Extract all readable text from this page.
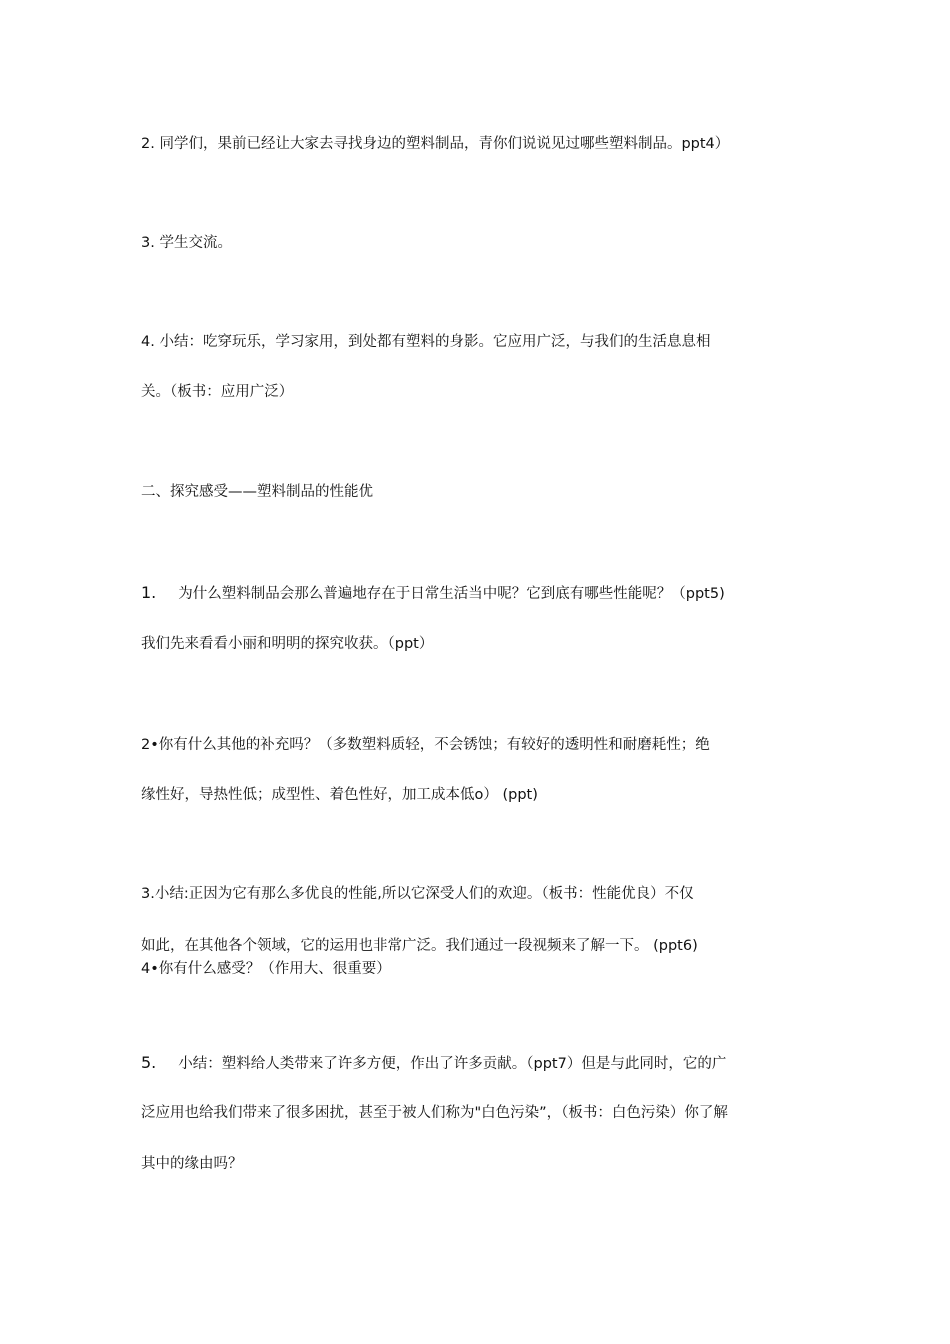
2. 同学们，果前已经让大家去寻找身边的塑料制品，青你们说说见过哪些塑料制品。ppt4）
3. 学生交流。
4. 小结：吃穿玩乐，学习家用，到处都有塑料的身影。它应用广泛，与我们的生活息息相
关。（板书：应用广泛）
二、探究感受——塑料制品的性能优
1. 为什么塑料制品会那么普遍地存在于日常生活当中呢？它到底有哪些性能呢？（ppt5)
我们先来看看小丽和明明的探究收获。（ppt）
2•你有什么其他的补充吗？（多数塑料质轻，不会锈蚀；有较好的透明性和耐磨耗性；绝
缘性好，导热性低；成型性、着色性好，加工成本低o） (ppt)
3.小结:正因为它有那么多优良的性能,所以它深受人们的欢迎。（板书：性能优良）不仅
如此，在其他各个领域，它的运用也非常广泛。我们通过一段视频来了解一下。 (ppt6)
4•你有什么感受？（作用大、很重要）
5. 小结：塑料给人类带来了许多方便，作出了许多贡献。（ppt7）但是与此同时，它的广
泛应用也给我们带来了很多困扰，甚至于被人们称为"白色污染”，（板书：白色污染）你了解
其中的缘由吗？
